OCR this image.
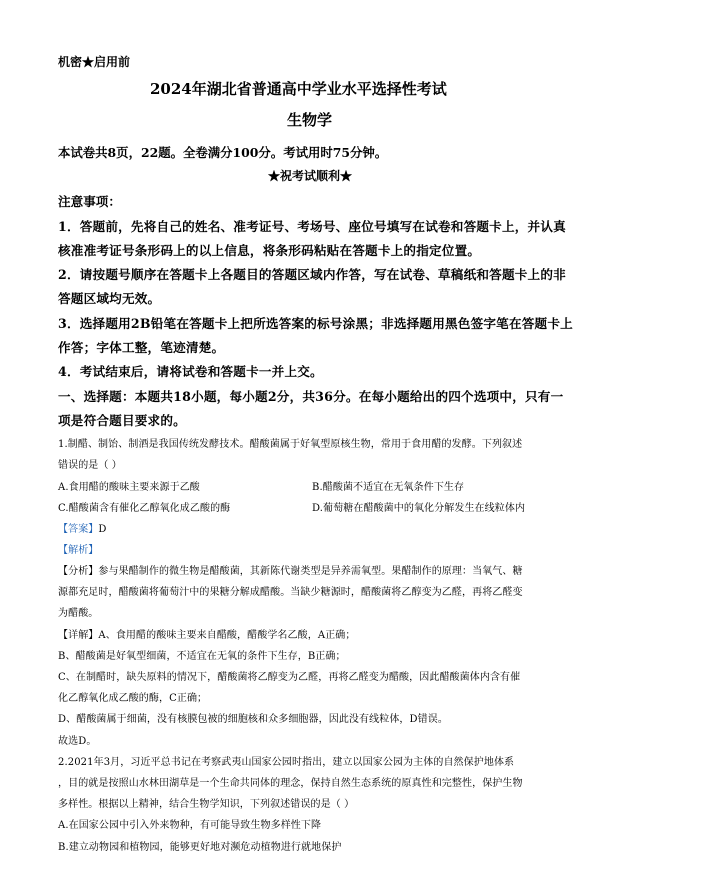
机密★启用前
2024年湖北省普通高中学业水平选择性考试
生物学
本试卷共8页，22题。全卷满分100分。考试用时75分钟。
★祝考试顺利★
注意事项：
1．答题前，先将自己的姓名、准考证号、考场号、座位号填写在试卷和答题卡上，并认真
核准准考证号条形码上的以上信息，将条形码粘贴在答题卡上的指定位置。
2．请按题号顺序在答题卡上各题目的答题区域内作答，写在试卷、草稿纸和答题卡上的非
答题区域均无效。
3．选择题用2B铅笔在答题卡上把所选答案的标号涂黑；非选择题用黑色签字笔在答题卡上
作答；字体工整，笔迹清楚。
4．考试结束后，请将试卷和答题卡一并上交。
一、选择题：本题共18小题，每小题2分，共36分。在每小题给出的四个选项中，只有一
项是符合题目要求的。
1.制醋、制饴、制酒是我国传统发酵技术。醋酸菌属于好氧型原核生物，常用于食用醋的发酵。下列叙述
错误的是（ ）
A.食用醋的酸味主要来源于乙酸	B.醋酸菌不适宜在无氧条件下生存
C.醋酸菌含有催化乙醇氧化成乙酸的酶	D.葡萄糖在醋酸菌中的氧化分解发生在线粒体内
【答案】D
【解析】
【分析】参与果醋制作的微生物是醋酸菌，其新陈代谢类型是异养需氧型。果醋制作的原理：当氧气、糖
源都充足时，醋酸菌将葡萄汁中的果糖分解成醋酸。当缺少糖源时，醋酸菌将乙醇变为乙醛，再将乙醛变
为醋酸。
【详解】A、食用醋的酸味主要来自醋酸，醋酸学名乙酸，A正确；
B、醋酸菌是好氧型细菌，不适宜在无氧的条件下生存，B正确；
C、在制醋时，缺失原料的情况下，醋酸菌将乙醇变为乙醛，再将乙醛变为醋酸，因此醋酸菌体内含有催
化乙醇氧化成乙酸的酶，C正确；
D、醋酸菌属于细菌，没有核膜包被的细胞核和众多细胞器，因此没有线粒体，D错误。
故选D。
2.2021年3月，习近平总书记在考察武夷山国家公园时指出，建立以国家公园为主体的自然保护地体系
，目的就是按照山水林田湖草是一个生命共同体的理念，保持自然生态系统的原真性和完整性，保护生物
多样性。根据以上精神，结合生物学知识，下列叙述错误的是（ ）
A.在国家公园中引入外来物种，有可能导致生物多样性下降
B.建立动物园和植物园，能够更好地对濒危动植物进行就地保护
